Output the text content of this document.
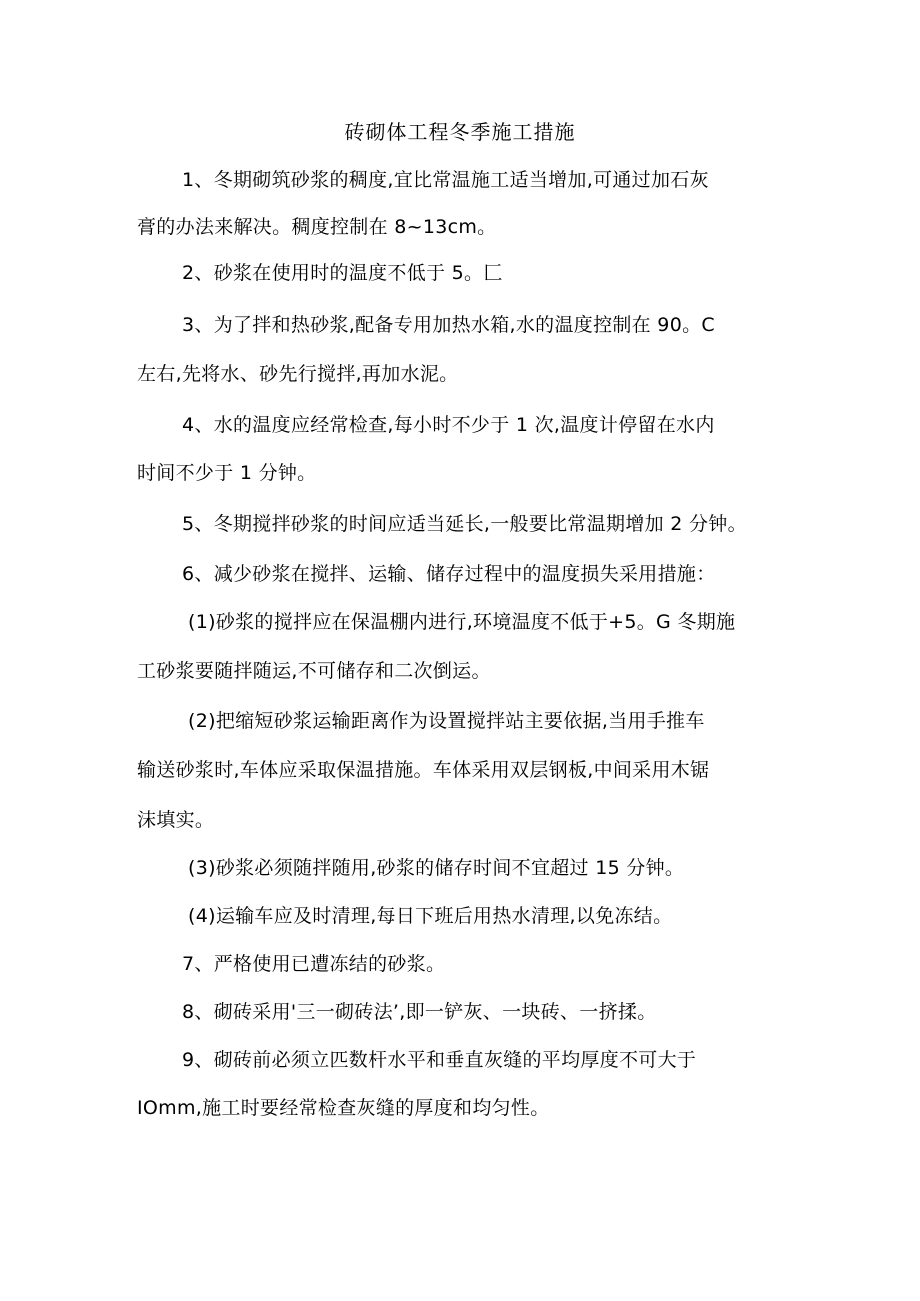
砖砌体工程冬季施工措施
1、冬期砌筑砂浆的稠度,宜比常温施工适当增加,可通过加石灰
膏的办法来解决。稠度控制在 8~13cm。
2、砂浆在使用时的温度不低于 5。匚
3、为了拌和热砂浆,配备专用加热水箱,水的温度控制在 90。C
左右,先将水、砂先行搅拌,再加水泥。
4、水的温度应经常检查,每小时不少于 1 次,温度计停留在水内
时间不少于 1 分钟。
5、冬期搅拌砂浆的时间应适当延长,一般要比常温期增加 2 分钟。
6、减少砂浆在搅拌、运输、储存过程中的温度损失采用措施：
(1)砂浆的搅拌应在保温棚内进行,环境温度不低于+5。G 冬期施
工砂浆要随拌随运,不可储存和二次倒运。
(2)把缩短砂浆运输距离作为设置搅拌站主要依据,当用手推车
输送砂浆时,车体应采取保温措施。车体采用双层钢板,中间采用木锯
沫填实。
(3)砂浆必须随拌随用,砂浆的储存时间不宜超过 15 分钟。
(4)运输车应及时清理,每日下班后用热水清理,以免冻结。
7、严格使用已遭冻结的砂浆。
8、砌砖采用'三一砌砖法’,即一铲灰、一块砖、一挤揉。
9、砌砖前必须立匹数杆水平和垂直灰缝的平均厚度不可大于
IOmm,施工时要经常检查灰缝的厚度和均匀性。
